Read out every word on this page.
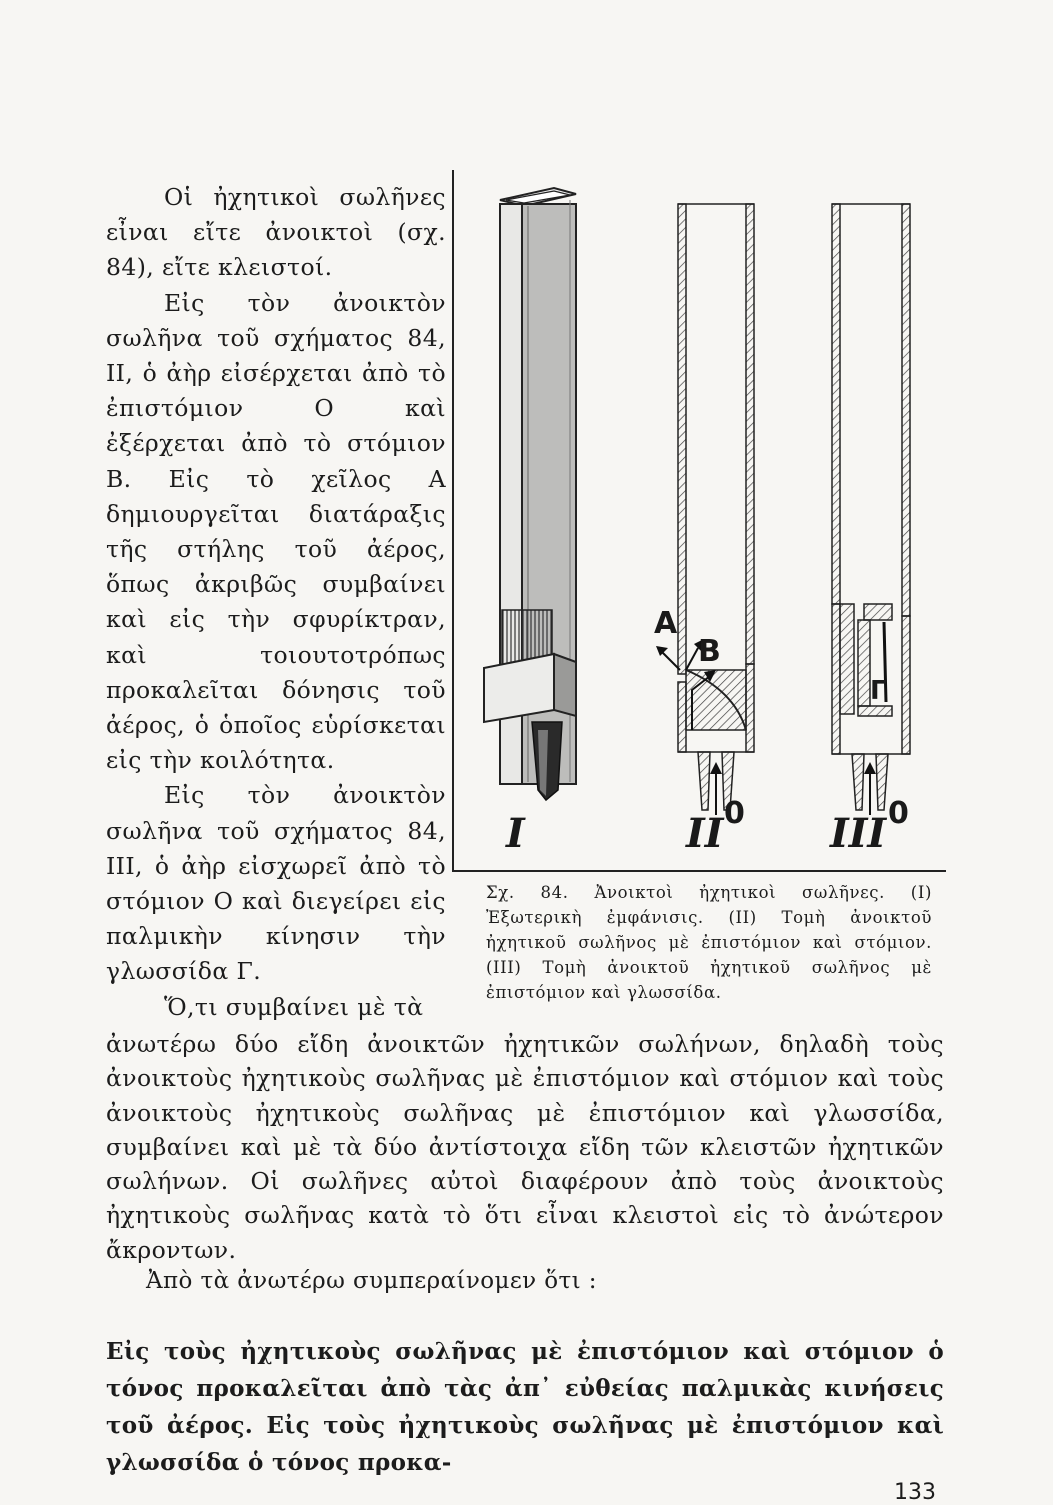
Οἱ ἠχητικοὶ σωλῆνες εἶναι εἴτε ἀνοικτοὶ (σχ. 84), εἴτε κλειστοί.

Εἰς τὸν ἀνοικτὸν σωλῆνα τοῦ σχήματος 84, II, ὁ ἀὴρ εἰσέρχεται ἀπὸ τὸ ἐπιστόμιον Ο καὶ ἐξέρχεται ἀπὸ τὸ στόμιον Β. Εἰς τὸ χεῖλος Α δημιουργεῖται διατάραξις τῆς στήλης τοῦ ἀέρος, ὅπως ἀκριβῶς συμβαίνει καὶ εἰς τὴν σφυρίκτραν, καὶ τοιουτοτρόπως προκαλεῖται δόνησις τοῦ ἀέρος, ὁ ὁποῖος εὑρίσκεται εἰς τὴν κοιλότητα.

Εἰς τὸν ἀνοικτὸν σωλῆνα τοῦ σχήματος 84, III, ὁ ἀὴρ εἰσχωρεῖ ἀπὸ τὸ στόμιον Ο καὶ διεγείρει εἰς παλμικὴν κίνησιν τὴν γλωσσίδα Γ.

Ὅ,τι συμβαίνει μὲ τὰ

I	II	III
A
B
0	0
Γ
Σχ. 84. Ἀνοικτοὶ ἠχητικοὶ σωλῆνες. (I) Ἐξωτερικὴ ἐμφάνισις. (II) Τομὴ ἀνοικτοῦ ἠχητικοῦ σωλῆνος μὲ ἐπιστόμιον καὶ στόμιον. (III) Τομὴ ἀνοικτοῦ ἠχητικοῦ σωλῆνος μὲ ἐπιστόμιον καὶ γλωσσίδα.
ἀνωτέρω δύο εἴδη ἀνοικτῶν ἠχητικῶν σωλήνων, δηλαδὴ τοὺς ἀνοικτοὺς ἠχητικοὺς σωλῆνας μὲ ἐπιστόμιον καὶ στόμιον καὶ τοὺς ἀνοικτοὺς ἠχητικοὺς σωλῆνας μὲ ἐπιστόμιον καὶ γλωσσίδα, συμβαίνει καὶ μὲ τὰ δύο ἀντίστοιχα εἴδη τῶν κλειστῶν ἠχητικῶν σωλήνων. Οἱ σωλῆνες αὐτοὶ διαφέρουν ἀπὸ τοὺς ἀνοικτοὺς ἠχητικοὺς σωλῆνας κατὰ τὸ ὅτι εἶναι κλειστοὶ εἰς τὸ ἀνώτερον ἄκροντων.
Ἀπὸ τὰ ἀνωτέρω συμπεραίνομεν ὅτι :
Εἰς τοὺς ἠχητικοὺς σωλῆνας μὲ ἐπιστόμιον καὶ στόμιον ὁ τόνος προκαλεῖται ἀπὸ τὰς ἀπ᾽ εὐθείας παλμικὰς κινήσεις τοῦ ἀέρος. Εἰς τοὺς ἠχητικοὺς σωλῆνας μὲ ἐπιστόμιον καὶ γλωσσίδα ὁ τόνος προκα-
133
